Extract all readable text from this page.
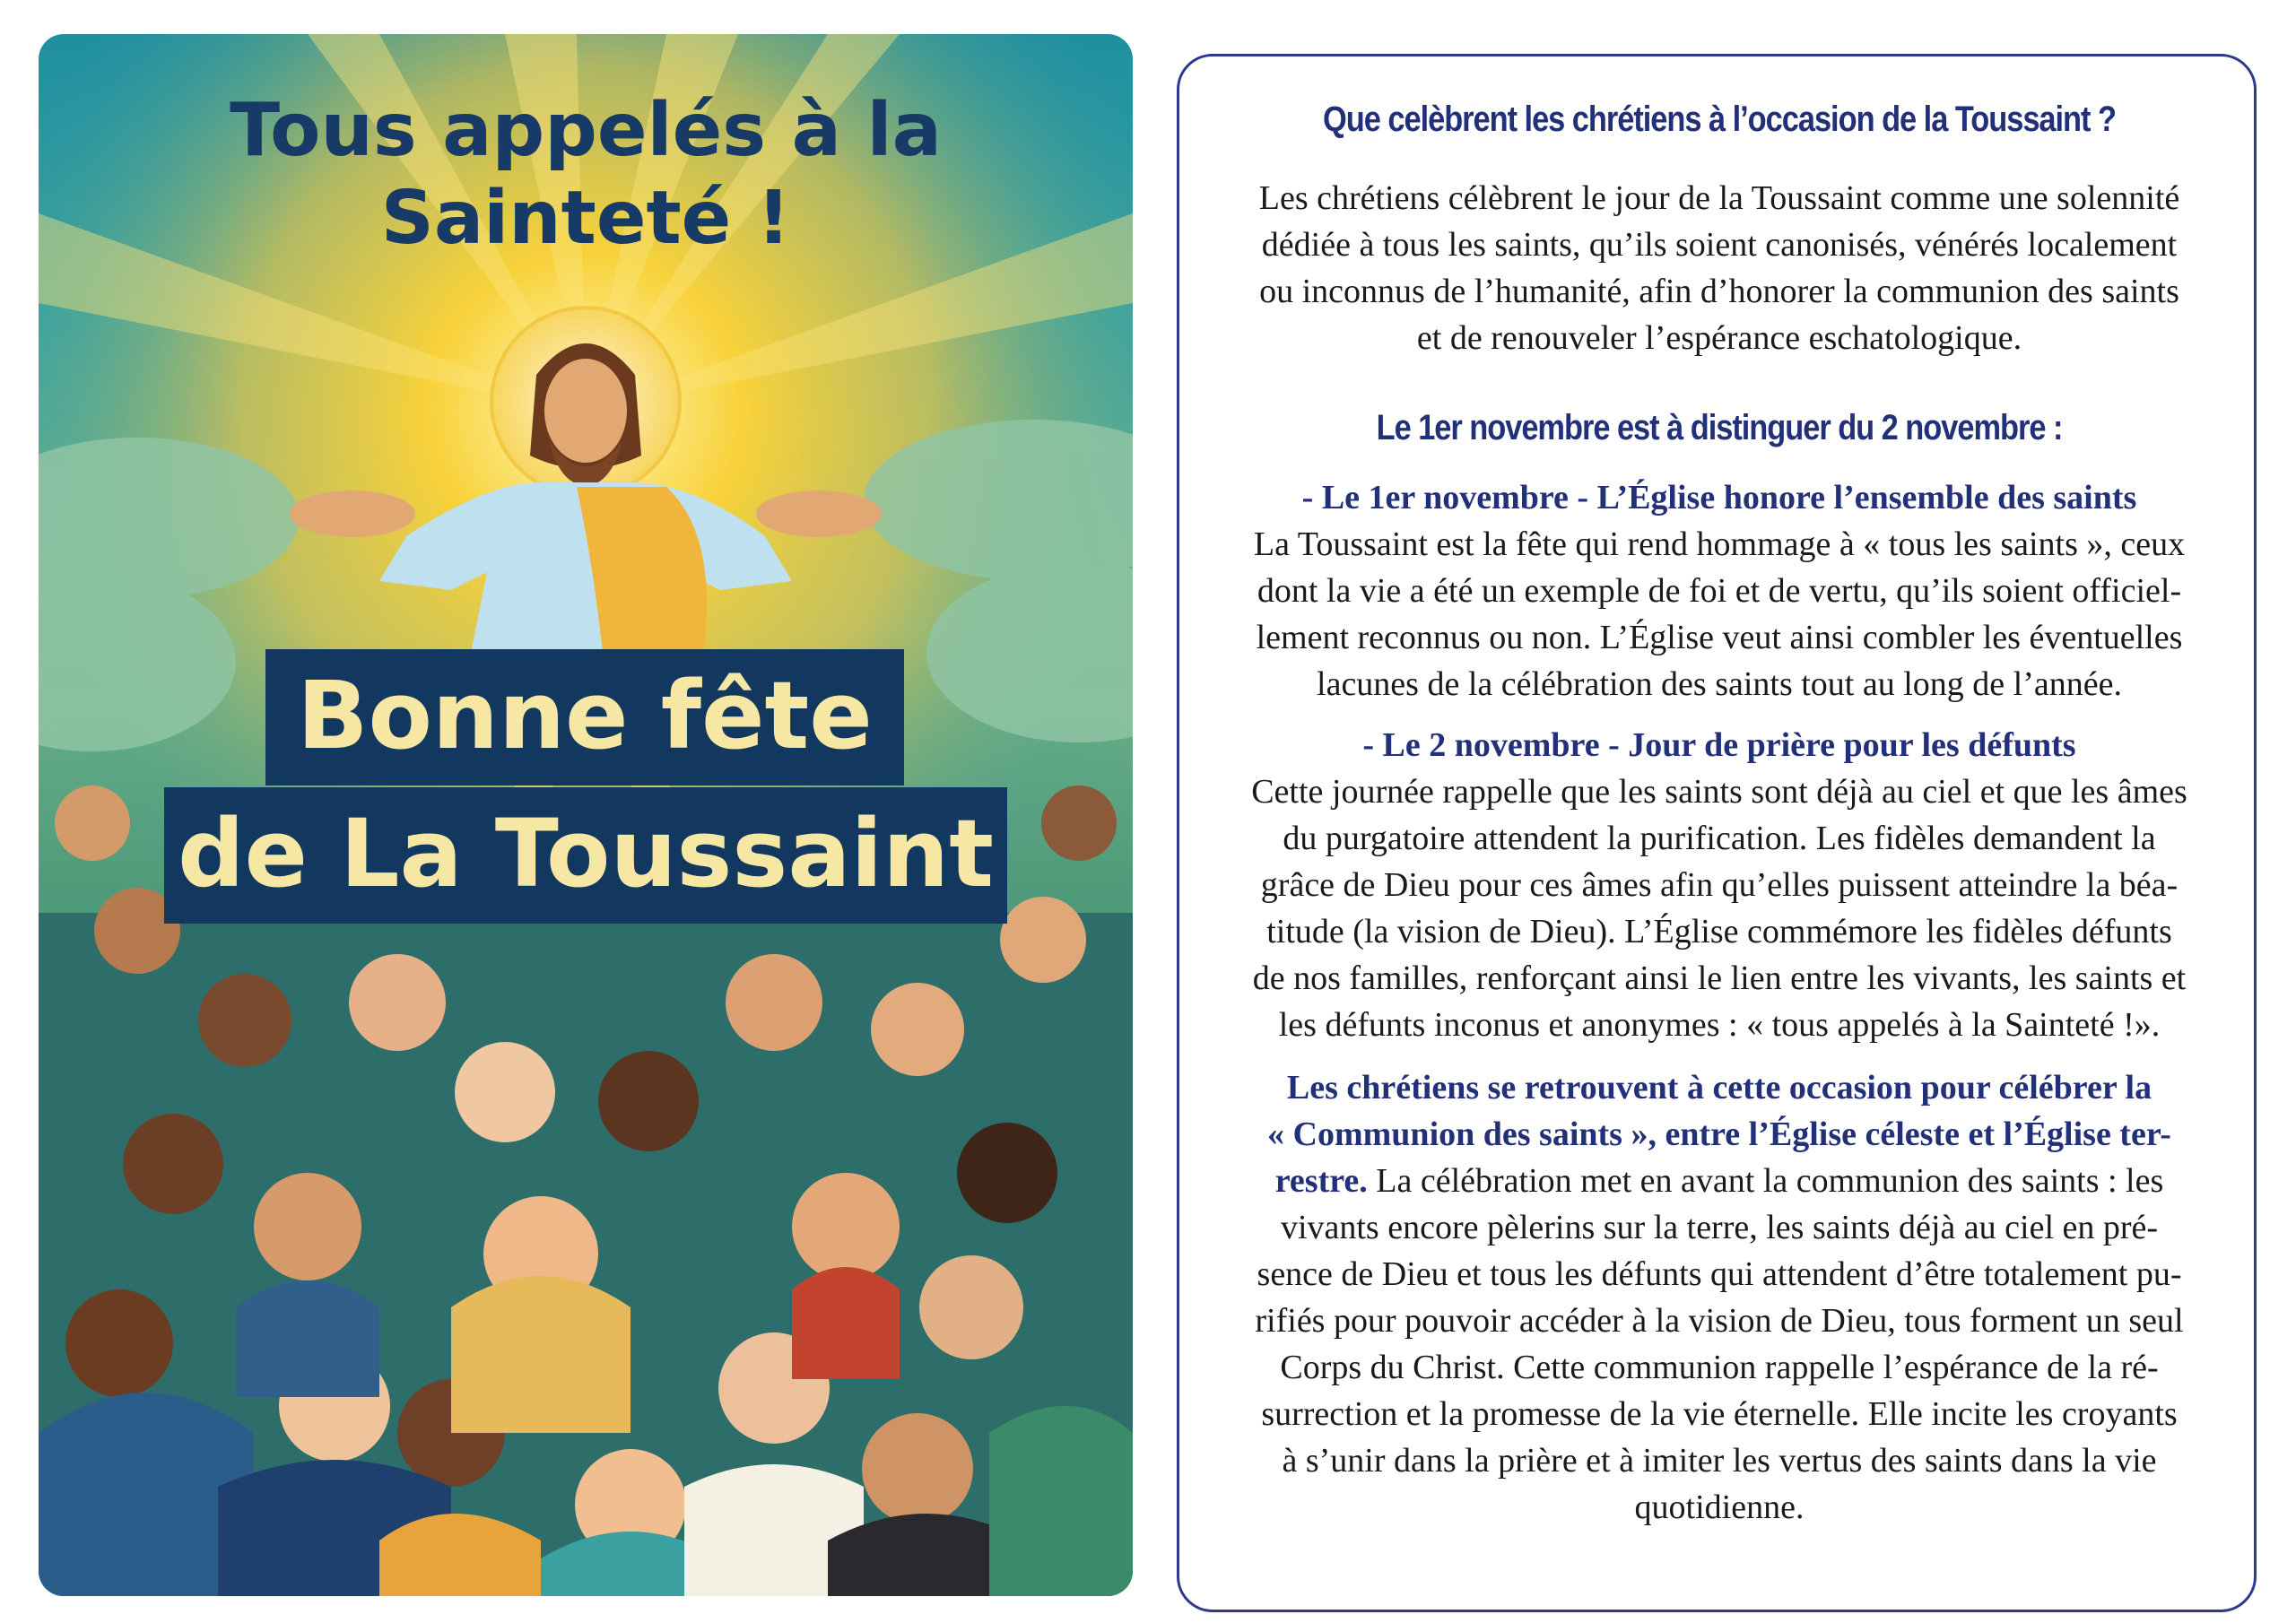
Tous appelés à la
Sainteté !
Bonne fête
de La Toussaint
Que celèbrent les chrétiens à l’occasion de la Toussaint ?
Les chrétiens célèbrent le jour de la Toussaint comme une solennité
dédiée à tous les saints, qu’ils soient canonisés, vénérés localement
ou inconnus de l’humanité, afin d’honorer la communion des saints
et de renouveler l’espérance eschatologique.
Le 1er novembre est à distinguer du 2 novembre :
- Le 1er novembre - L’Église honore l’ensemble des saints
La Toussaint est la fête qui rend hommage à « tous les saints », ceux
dont la vie a été un exemple de foi et de vertu, qu’ils soient officiel-
lement reconnus ou non. L’Église veut ainsi combler les éventuelles
lacunes de la célébration des saints tout au long de l’année.
- Le 2 novembre - Jour de prière pour les défunts
Cette journée rappelle que les saints sont déjà au ciel et que les âmes
du purgatoire attendent la purification. Les fidèles demandent la
grâce de Dieu pour ces âmes afin qu’elles puissent atteindre la béa-
titude (la vision de Dieu). L’Église commémore les fidèles défunts
de nos familles, renforçant ainsi le lien entre les vivants, les saints et
les défunts inconus et anonymes : « tous appelés à la Sainteté !».
Les chrétiens se retrouvent à cette occasion pour célébrer la
« Communion des saints », entre l’Église céleste et l’Église ter-
restre. La célébration met en avant la communion des saints : les
vivants encore pèlerins sur la terre, les saints déjà au ciel en pré-
sence de Dieu et tous les défunts qui attendent d’être totalement pu-
rifiés pour pouvoir accéder à la vision de Dieu, tous forment un seul
Corps du Christ. Cette communion rappelle l’espérance de la ré-
surrection et la promesse de la vie éternelle. Elle incite les croyants
à s’unir dans la prière et à imiter les vertus des saints dans la vie
quotidienne.
